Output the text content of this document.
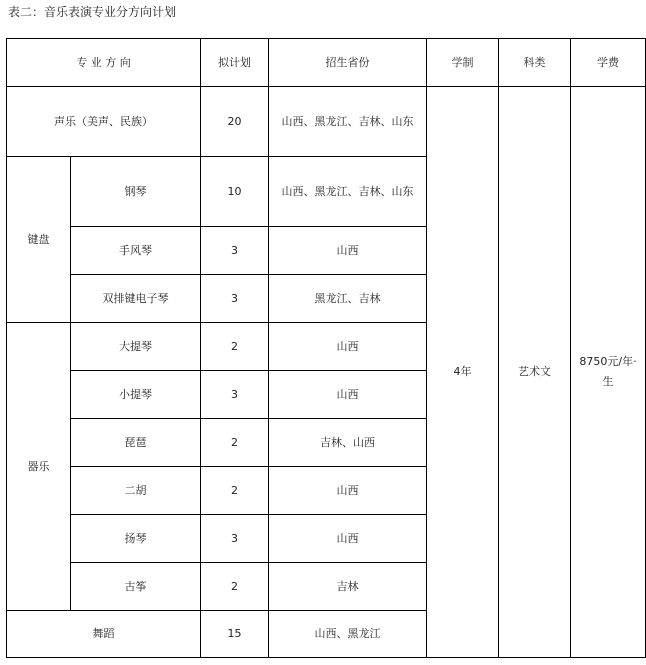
表二：音乐表演专业分方向计划
专 业 方 向		拟计划	招生省份	学制	科类	学费
声乐（美声、民族）		20	山西、黑龙江、吉林、山东	4年	艺术文	8750元/年·生
键盘	钢琴	10	山西、黑龙江、吉林、山东			
	手风琴	3	山西			
	双排键电子琴	3	黑龙江、吉林			
器乐	大提琴	2	山西			
	小提琴	3	山西			
	琵琶	2	吉林、山西			
	二胡	2	山西			
	扬琴	3	山西			
	古筝	2	吉林			
舞蹈		15	山西、黑龙江			
